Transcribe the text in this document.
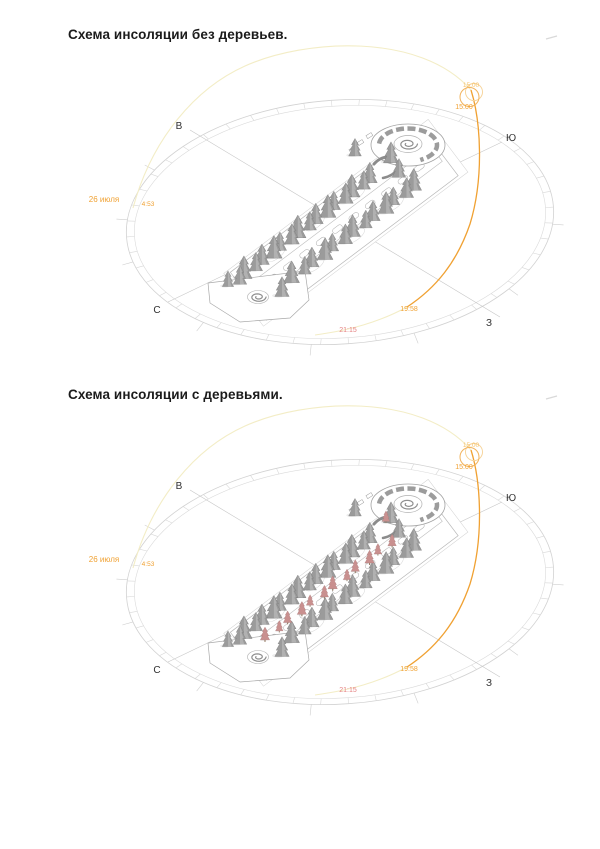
Схема инсоляции без деревьев.
Схема инсоляции с деревьями.
